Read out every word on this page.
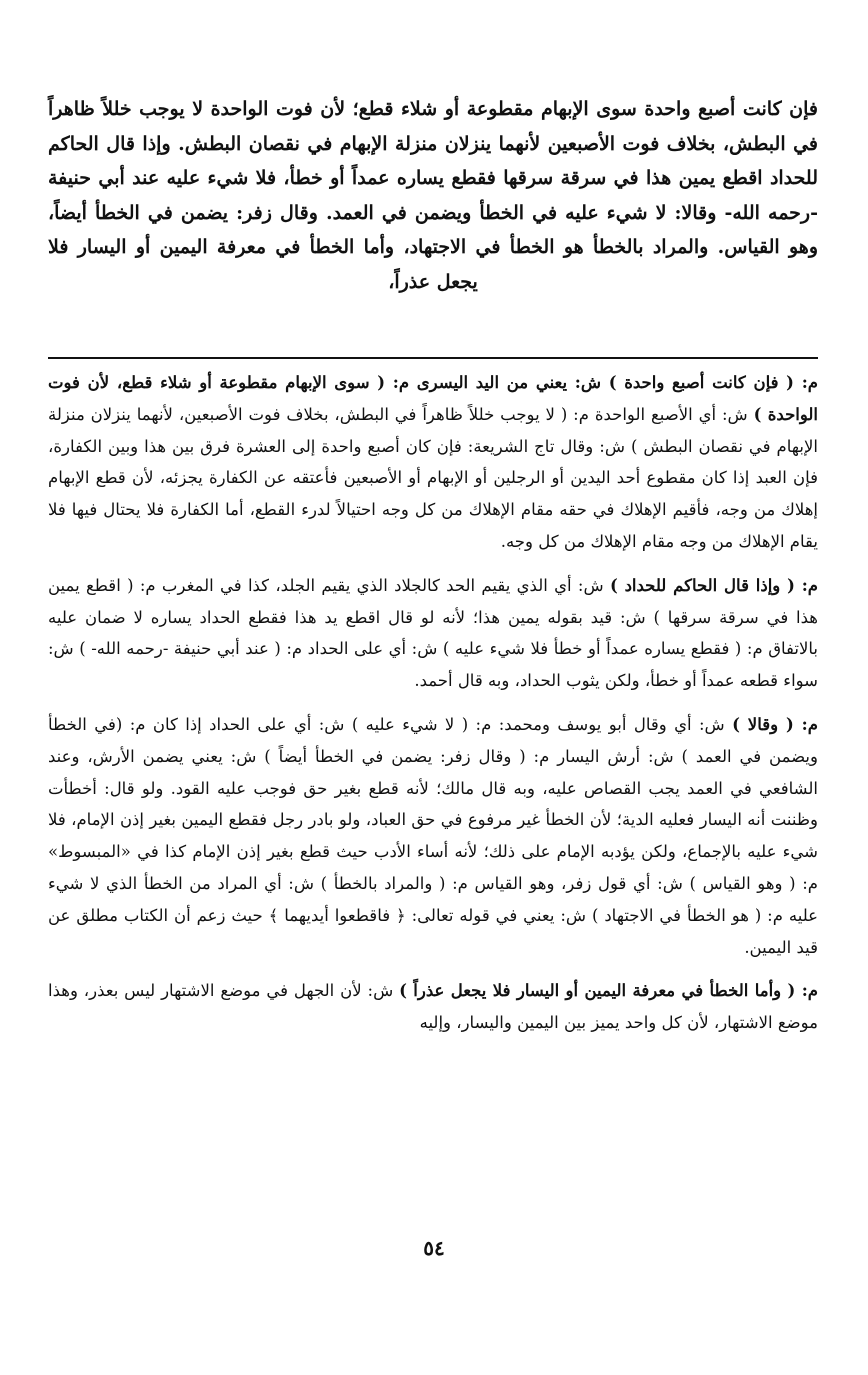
فإن كانت أصبع واحدة سوى الإبهام مقطوعة أو شلاء قطع؛ لأن فوت الواحدة لا يوجب خللاً ظاهراً في البطش، بخلاف فوت الأصبعين لأنهما ينزلان منزلة الإبهام في نقصان البطش. وإذا قال الحاكم للحداد اقطع يمين هذا في سرقة سرقها فقطع يساره عمداً أو خطأ، فلا شيء عليه عند أبي حنيفة -رحمه الله- وقالا: لا شيء عليه في الخطأ ويضمن في العمد. وقال زفر: يضمن في الخطأ أيضاً، وهو القياس. والمراد بالخطأ هو الخطأ في الاجتهاد، وأما الخطأ في معرفة اليمين أو اليسار فلا يجعل عذراً،

م: ( فإن كانت أصبع واحدة ) ش: يعني من اليد اليسرى م: ( سوى الإبهام مقطوعة أو شلاء قطع، لأن فوت الواحدة ) ش: أي الأصبع الواحدة م: ( لا يوجب خللاً ظاهراً في البطش، بخلاف فوت الأصبعين، لأنهما ينزلان منزلة الإبهام في نقصان البطش ) ش: وقال تاج الشريعة: فإن كان أصبع واحدة إلى العشرة فرق بين هذا وبين الكفارة، فإن العبد إذا كان مقطوع أحد اليدين أو الرجلين أو الإبهام أو الأصبعين فأعتقه عن الكفارة يجزئه، لأن قطع الإبهام إهلاك من وجه، فأقيم الإهلاك في حقه مقام الإهلاك من كل وجه احتيالاً لدرء القطع، أما الكفارة فلا يحتال فيها فلا يقام الإهلاك من وجه مقام الإهلاك من كل وجه.

م: ( وإذا قال الحاكم للحداد ) ش: أي الذي يقيم الحد كالجلاد الذي يقيم الجلد، كذا في المغرب م: ( اقطع يمين هذا في سرقة سرقها ) ش: قيد بقوله يمين هذا؛ لأنه لو قال اقطع يد هذا فقطع الحداد يساره لا ضمان عليه بالاتفاق م: ( فقطع يساره عمداً أو خطأ فلا شيء عليه ) ش: أي على الحداد م: ( عند أبي حنيفة -رحمه الله- ) ش: سواء قطعه عمداً أو خطأ، ولكن يثوب الحداد، وبه قال أحمد.

م: ( وقالا ) ش: أي وقال أبو يوسف ومحمد: م: ( لا شيء عليه ) ش: أي على الحداد إذا كان م: (في الخطأ ويضمن في العمد ) ش: أرش اليسار م: ( وقال زفر: يضمن في الخطأ أيضاً ) ش: يعني يضمن الأرش، وعند الشافعي في العمد يجب القصاص عليه، وبه قال مالك؛ لأنه قطع بغير حق فوجب عليه القود. ولو قال: أخطأت وظننت أنه اليسار فعليه الدية؛ لأن الخطأ غير مرفوع في حق العباد، ولو بادر رجل فقطع اليمين بغير إذن الإمام، فلا شيء عليه بالإجماع، ولكن يؤدبه الإمام على ذلك؛ لأنه أساء الأدب حيث قطع بغير إذن الإمام كذا في «المبسوط» م: ( وهو القياس ) ش: أي قول زفر، وهو القياس م: ( والمراد بالخطأ ) ش: أي المراد من الخطأ الذي لا شيء عليه م: ( هو الخطأ في الاجتهاد ) ش: يعني في قوله تعالى: ﴿ فاقطعوا أيديهما ﴾ حيث زعم أن الكتاب مطلق عن قيد اليمين.

م: ( وأما الخطأ في معرفة اليمين أو اليسار فلا يجعل عذراً ) ش: لأن الجهل في موضع الاشتهار ليس بعذر، وهذا موضع الاشتهار، لأن كل واحد يميز بين اليمين واليسار، وإليه

٥٤
